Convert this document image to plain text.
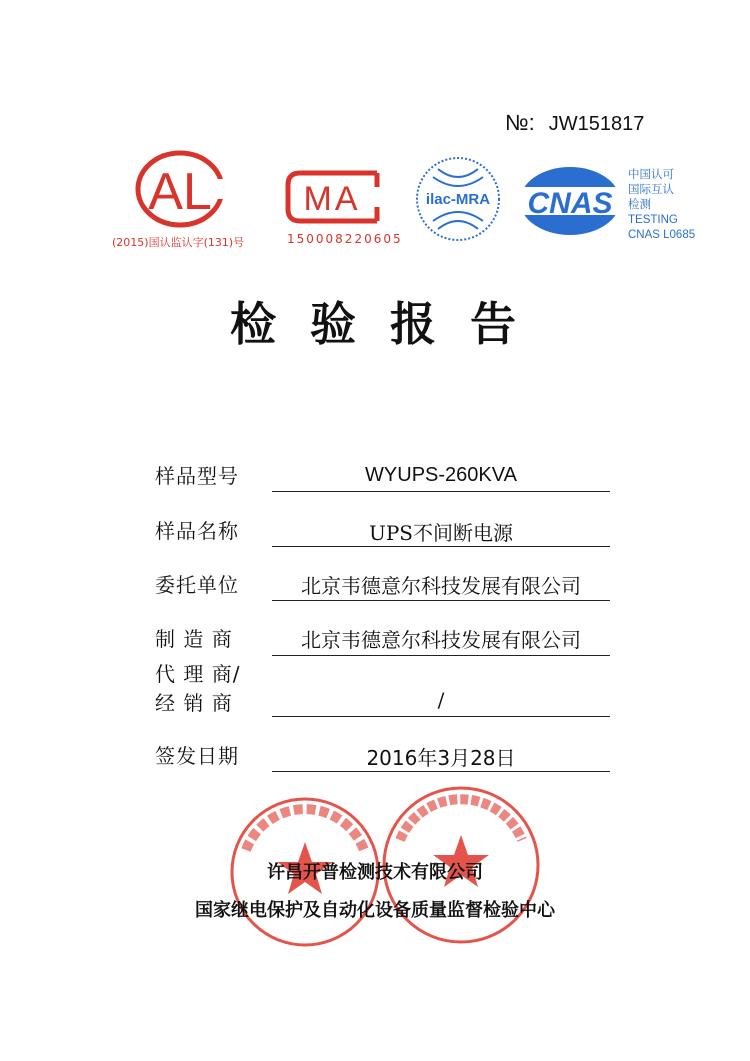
№: JW151817
AL
(2015)国认监认字(131)号
MA
150008220605
ilac-MRA CNAS
中国认可
国际互认
检测
TESTING
CNAS L0685
检验报告
样品型号	WYUPS-260KVA
样品名称	UPS不间断电源
委托单位	北京韦德意尔科技发展有限公司
制 造 商	北京韦德意尔科技发展有限公司
代 理 商/
经 销 商	/
签发日期	2016年3月28日
许昌开普检测技术有限公司
国家继电保护及自动化设备质量监督检验中心
